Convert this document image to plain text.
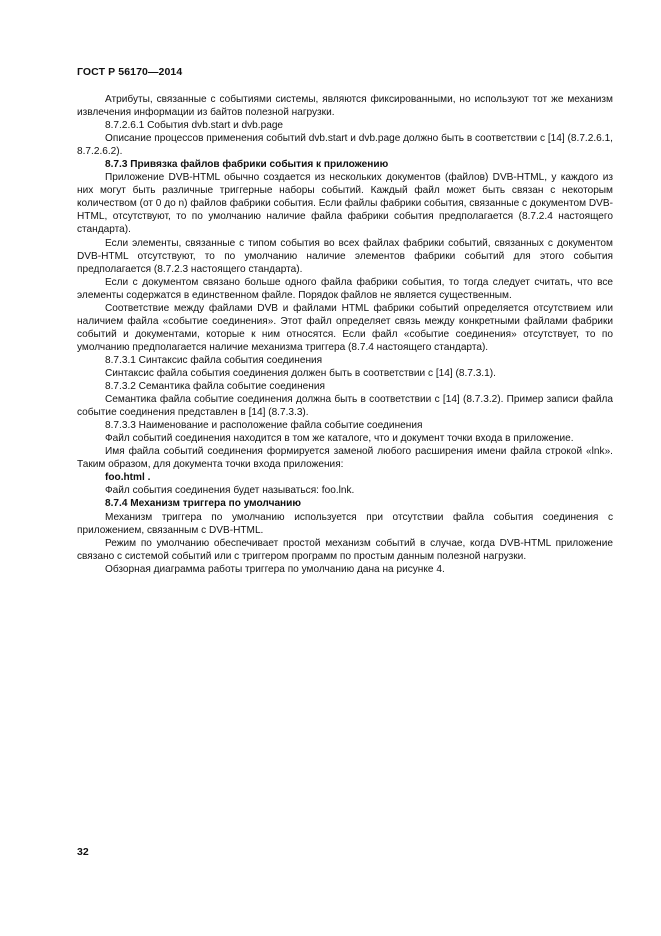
ГОСТ Р 56170—2014

Атрибуты, связанные с событиями системы, являются фиксированными, но используют тот же механизм извлечения информации из байтов полезной нагрузки.

8.7.2.6.1 События dvb.start и dvb.page

Описание процессов применения событий dvb.start и dvb.page должно быть в соответствии с [14] (8.7.2.6.1, 8.7.2.6.2).

8.7.3 Привязка файлов фабрики события к приложению

Приложение DVB-HTML обычно создается из нескольких документов (файлов) DVB-HTML, у каждого из них могут быть различные триггерные наборы событий. Каждый файл может быть связан с некоторым количеством (от 0 до n) файлов фабрики события. Если файлы фабрики события, связанные с документом DVB-HTML, отсутствуют, то по умолчанию наличие файла фабрики события предполагается (8.7.2.4 настоящего стандарта).

Если элементы, связанные с типом события во всех файлах фабрики событий, связанных с документом DVB-HTML отсутствуют, то по умолчанию наличие элементов фабрики событий для этого события предполагается (8.7.2.3 настоящего стандарта).

Если с документом связано больше одного файла фабрики события, то тогда следует считать, что все элементы содержатся в единственном файле. Порядок файлов не является существенным.

Соответствие между файлами DVB и файлами HTML фабрики событий определяется отсутствием или наличием файла «событие соединения». Этот файл определяет связь между конкретными файлами фабрики событий и документами, которые к ним относятся. Если файл «событие соединения» отсутствует, то по умолчанию предполагается наличие механизма триггера (8.7.4 настоящего стандарта).

8.7.3.1 Синтаксис файла события соединения

Синтаксис файла события соединения должен быть в соответствии с [14] (8.7.3.1).

8.7.3.2 Семантика файла событие соединения

Семантика файла событие соединения должна быть в соответствии с [14] (8.7.3.2). Пример записи файла событие соединения представлен в [14] (8.7.3.3).

8.7.3.3 Наименование и расположение файла событие соединения

Файл событий соединения находится в том же каталоге, что и документ точки входа в приложение.

Имя файла событий соединения формируется заменой любого расширения имени файла строкой «lnk». Таким образом, для документа точки входа приложения:

foo.html .

Файл события соединения будет называться: foo.lnk.

8.7.4 Механизм триггера по умолчанию

Механизм триггера по умолчанию используется при отсутствии файла события соединения с приложением, связанным с DVB-HTML.

Режим по умолчанию обеспечивает простой механизм событий в случае, когда DVB-HTML приложение связано с системой событий или с триггером программ по простым данным полезной нагрузки.

Обзорная диаграмма работы триггера по умолчанию дана на рисунке 4.

32
